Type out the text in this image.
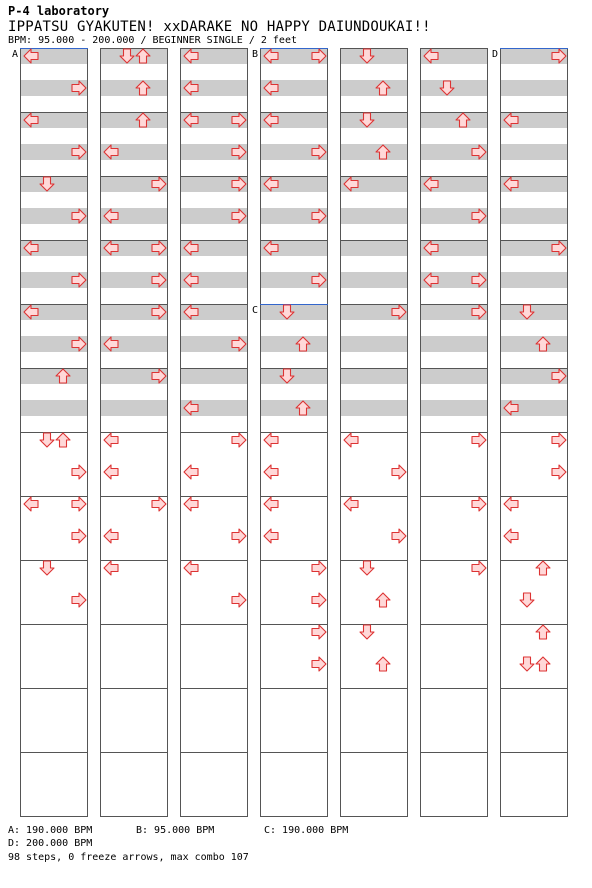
P-4 laboratory
IPPATSU GYAKUTEN! xxDARAKE NO HAPPY DAIUNDOUKAI!!
BPM: 95.000 - 200.000 / BEGINNER SINGLE / 2 feet
A	B
C
D
A: 190.000 BPM	B: 95.000 BPM	C: 190.000 BPM
D: 200.000 BPM
98 steps, 0 freeze arrows, max combo 107
